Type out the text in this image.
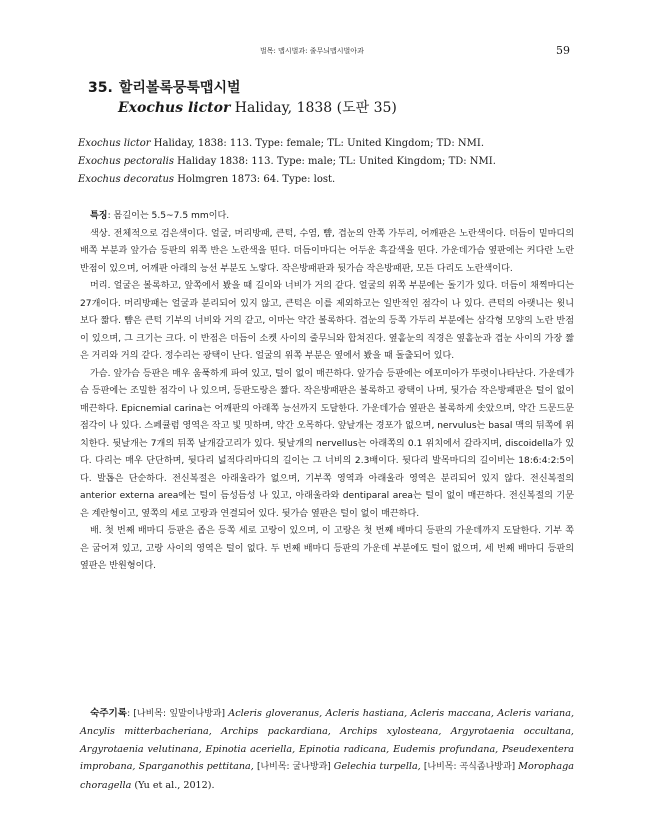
벌목: 맵시벌과: 줄무늬맵시벌아과	59
35. 할리볼록뭉툭맵시벌
Exochus lictor Haliday, 1838 (도판 35)
Exochus lictor Haliday, 1838: 113. Type: female; TL: United Kingdom; TD: NMI.
Exochus pectoralis Haliday 1838: 113. Type: male; TL: United Kingdom; TD: NMI.
Exochus decoratus Holmgren 1873: 64. Type: lost.

특징: 몸길이는 5.5~7.5 mm이다.

색상. 전체적으로 검은색이다. 얼굴, 머리방패, 큰턱, 수염, 뺨, 겹눈의 안쪽 가두리, 어깨판은 노란색이다. 더듬이 밑마디의 배쪽 부분과 앞가슴 등판의 위쪽 반은 노란색을 띤다. 더듬이마디는 어두운 흑갈색을 띤다. 가운데가슴 옆판에는 커다란 노란 반점이 있으며, 어깨판 아래의 능선 부분도 노랗다. 작은방패판과 뒷가슴 작은방패판, 모든 다리도 노란색이다.

머리. 얼굴은 볼록하고, 앞쪽에서 봤을 때 길이와 너비가 거의 같다. 얼굴의 위쪽 부분에는 돌기가 있다. 더듬이 채찍마디는 27개이다. 머리방패는 얼굴과 분리되어 있지 않고, 큰턱은 이를 제외하고는 일반적인 점각이 나 있다. 큰턱의 아랫니는 윗니보다 짧다. 뺨은 큰턱 기부의 너비와 거의 같고, 이마는 약간 볼록하다. 겹눈의 등쪽 가두리 부분에는 삼각형 모양의 노란 반점이 있으며, 그 크기는 크다. 이 반점은 더듬이 소켓 사이의 줄무늬와 합쳐진다. 옆홑눈의 직경은 옆홑눈과 겹눈 사이의 가장 짧은 거리와 거의 같다. 정수리는 광택이 난다. 얼굴의 위쪽 부분은 옆에서 봤을 때 돌출되어 있다.

가슴. 앞가슴 등판은 매우 움푹하게 파여 있고, 털이 없이 매끈하다. 앞가슴 등판에는 에포미아가 뚜렷이나타난다. 가운데가슴 등판에는 조밀한 점각이 나 있으며, 등판도랑은 짧다. 작은방패판은 볼록하고 광택이 나며, 뒷가슴 작은방패판은 털이 없이 매끈하다. Epicnemial carina는 어깨판의 아래쪽 능선까지 도달한다. 가운데가슴 옆판은 볼록하게 솟았으며, 약간 드문드문 점각이 나 있다. 스페큘럼 영역은 작고 빛 밋하며, 약간 오목하다. 앞날개는 경포가 없으며, nervulus는 basal 맥의 뒤쪽에 위치한다. 뒷날개는 7개의 뒤쪽 날개갈고리가 있다. 뒷날개의 nervellus는 아래쪽의 0.1 위치에서 갈라지며, discoidella가 있다. 다리는 매우 단단하며, 뒷다리 넓적다리마디의 길이는 그 너비의 2.3배이다. 뒷다리 발목마디의 길이비는 18:6:4:2:5이다. 발톱은 단순하다. 전신복절은 아래울라가 없으며, 기부쪽 영역과 아래울라 영역은 분리되어 있지 않다. 전신복절의 anterior externa area에는 털이 듬성듬성 나 있고, 아래울라와 dentiparal area는 털이 없이 매끈하다. 전신복절의 기문은 계란형이고, 옆쪽의 세로 고랑과 연결되어 있다. 뒷가슴 옆판은 털이 없이 매끈하다.

배. 첫 번째 배마디 등판은 좁은 등쪽 세로 고랑이 있으며, 이 고랑은 첫 번째 배마디 등판의 가운데까지 도달한다. 기부 쪽은 굽어져 있고, 고랑 사이의 영역은 털이 없다. 두 번째 배마디 등판의 가운데 부분에도 털이 없으며, 세 번째 배마디 등판의 옆판은 반원형이다.

숙주기록: [나비목: 잎말이나방과] Acleris gloveranus, Acleris hastiana, Acleris maccana, Acleris variana, Ancylis mitterbacheriana, Archips packardiana, Archips xylosteana, Argyrotaenia occultana, Argyrotaenia velutinana, Epinotia aceriella, Epinotia radicana, Eudemis profundana, Pseudexentera improbana, Sparganothis pettitana, [나비목: 굴나방과] Gelechia turpella, [나비목: 곡식좀나방과] Morophaga choragella (Yu et al., 2012).
